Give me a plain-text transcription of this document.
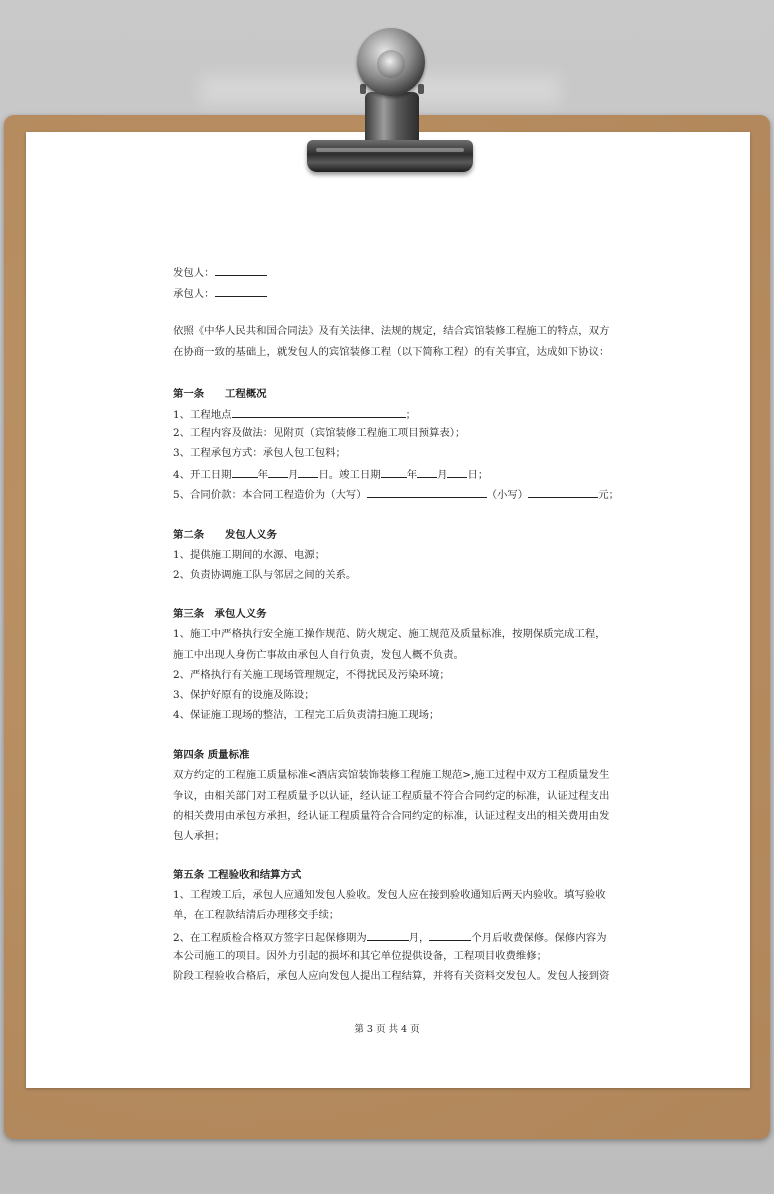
发包人：
承包人：
依照《中华人民共和国合同法》及有关法律、法规的规定，结合宾馆装修工程施工的特点，双方
在协商一致的基础上，就发包人的宾馆装修工程（以下简称工程）的有关事宜，达成如下协议：
第一条　　工程概况
1、工程地点	；
2、工程内容及做法：见附页（宾馆装修工程施工项目预算表）；
3、工程承包方式：承包人包工包料；
4、开工日期	年 月 日。竣工日期	年 月 日；
5、合同价款：本合同工程造价为（大写）	（小写）	元；
第二条　　发包人义务
1、提供施工期间的水源、电源；
2、负责协调施工队与邻居之间的关系。
第三条　承包人义务
1、施工中严格执行安全施工操作规范、防火规定、施工规范及质量标准，按期保质完成工程，
施工中出现人身伤亡事故由承包人自行负责，发包人概不负责。
2、严格执行有关施工现场管理规定，不得扰民及污染环境；
3、保护好原有的设施及陈设；
4、保证施工现场的整洁，工程完工后负责清扫施工现场；
第四条 质量标准
双方约定的工程施工质量标准<酒店宾馆装饰装修工程施工规范>,施工过程中双方工程质量发生
争议，由相关部门对工程质量予以认证，经认证工程质量不符合合同约定的标准，认证过程支出
的相关费用由承包方承担，经认证工程质量符合合同约定的标准，认证过程支出的相关费用由发
包人承担；
第五条 工程验收和结算方式
1、工程竣工后，承包人应通知发包人验收。发包人应在接到验收通知后两天内验收。填写验收
单，在工程款结清后办理移交手续；
2、在工程质检合格双方签字日起保修期为	月，	个月后收费保修。保修内容为
本公司施工的项目。因外力引起的损坏和其它单位提供设备，工程项目收费维修；
阶段工程验收合格后，承包人应向发包人提出工程结算，并将有关资料交发包人。发包人接到资
第 3 页 共 4 页
